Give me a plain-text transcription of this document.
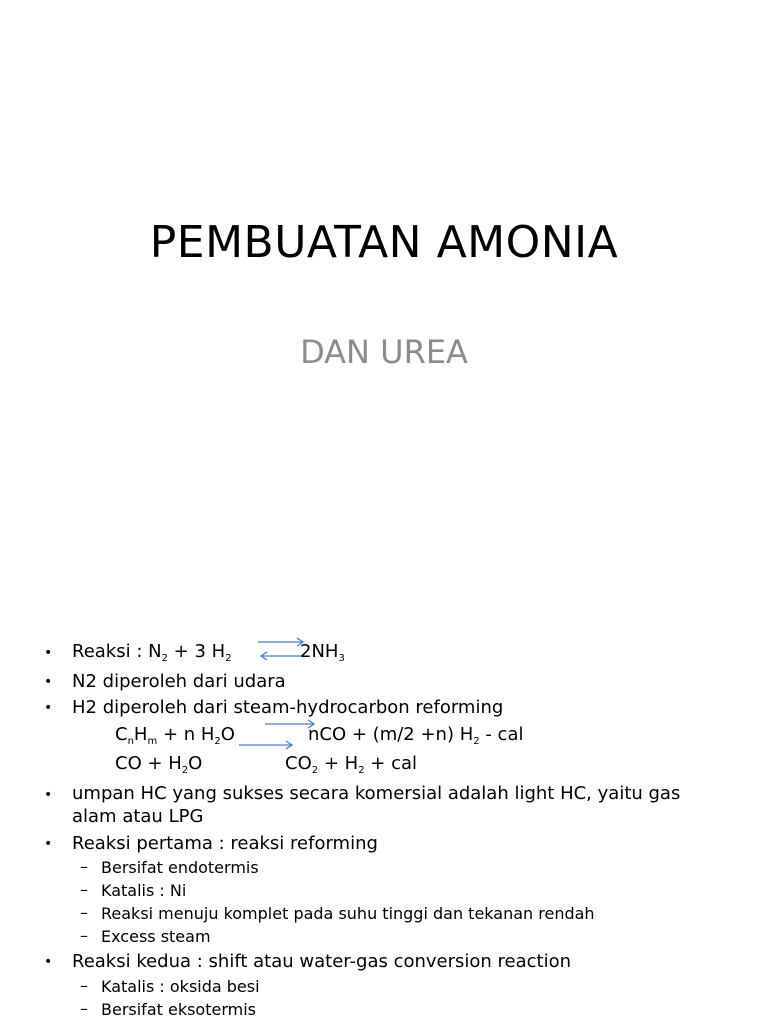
PEMBUATAN AMONIA
DAN UREA
• Reaksi : $N_2 + 3$ $H_2$ ⇌
$2NH_3$
• N2 diperoleh dari udara
• H2 diperoleh dari steam-hydrocarbon reforming
$C_nH_m + n$ $H_2O$	nCO + (m/2 +n) $H_2$ - cal
CO + $H_2O$	$CO_2 + H_2$ + cal
• umpan HC yang sukses secara komersial adalah light HC, yaitu gas
alam atau LPG
• Reaksi pertama : reaksi reforming
– Bersifat endotermis
– Katalis : Ni
– Reaksi menuju komplet pada suhu tinggi dan tekanan rendah
– Excess steam
• Reaksi kedua : shift atau water-gas conversion reaction
– Katalis : oksida besi
– Bersifat eksotermis
